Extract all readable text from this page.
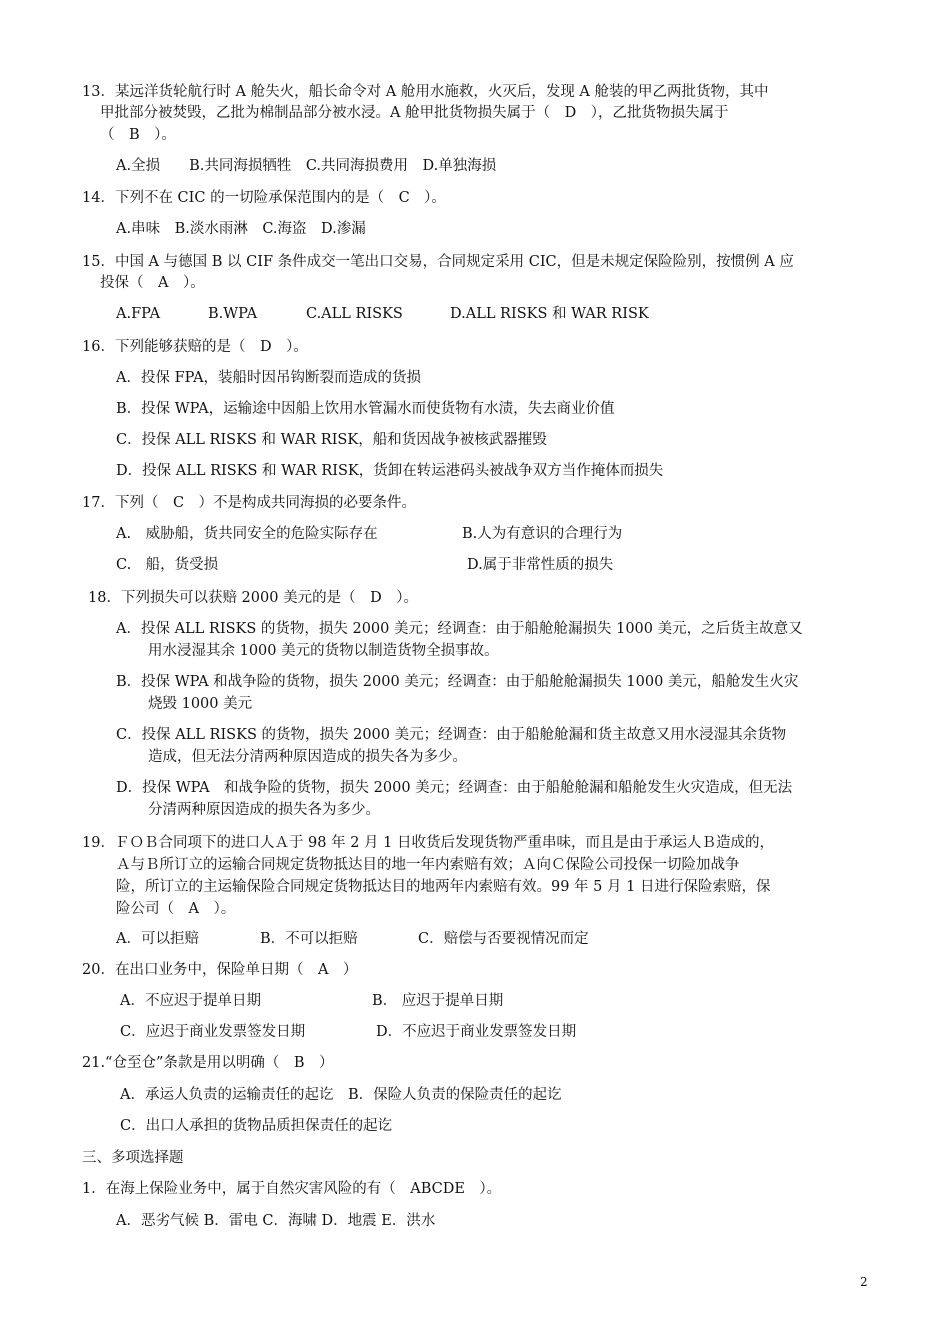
13．某远洋货轮航行时 A 舱失火，船长命令对 A 舱用水施救，火灭后，发现 A 舱装的甲乙两批货物，其中
甲批部分被焚毁，乙批为棉制品部分被水浸。A 舱甲批货物损失属于（　D　），乙批货物损失属于
（　B　）。
A.全损　　B.共同海损牺牲　C.共同海损费用　D.单独海损
14．下列不在 CIC 的一切险承保范围内的是（　C　）。
A.串味　B.淡水雨淋　C.海盗　D.渗漏
15．中国 A 与德国 B 以 CIF 条件成交一笔出口交易，合同规定采用 CIC，但是未规定保险险别，按惯例 A 应
投保（　A　）。
A.FPA	B.WPA	C.ALL RISKS	D.ALL RISKS 和 WAR RISK
16．下列能够获赔的是（　D　）。
A．投保 FPA，装船时因吊钩断裂而造成的货损
B．投保 WPA，运输途中因船上饮用水管漏水而使货物有水渍，失去商业价值
C．投保 ALL RISKS 和 WAR RISK，船和货因战争被核武器摧毁
D．投保 ALL RISKS 和 WAR RISK，货卸在转运港码头被战争双方当作掩体而损失
17．下列（　C　）不是构成共同海损的必要条件。
A.　威胁船，货共同安全的危险实际存在	B.人为有意识的合理行为
C.　船，货受损	D.属于非常性质的损失
18．下列损失可以获赔 2000 美元的是（　D　）。
A．投保 ALL RISKS 的货物，损失 2000 美元；经调查：由于船舱舱漏损失 1000 美元，之后货主故意又
用水浸湿其余 1000 美元的货物以制造货物全损事故。
B．投保 WPA 和战争险的货物，损失 2000 美元；经调查：由于船舱舱漏损失 1000 美元，船舱发生火灾
烧毁 1000 美元
C．投保 ALL RISKS 的货物，损失 2000 美元；经调查：由于船舱舱漏和货主故意又用水浸湿其余货物
造成，但无法分清两种原因造成的损失各为多少。
D．投保 WPA　和战争险的货物，损失 2000 美元；经调查：由于船舱舱漏和船舱发生火灾造成，但无法
分清两种原因造成的损失各为多少。
19．ＦＯＢ合同项下的进口人Ａ于 98 年 2 月 1 日收货后发现货物严重串味，而且是由于承运人Ｂ造成的，
Ａ与Ｂ所订立的运输合同规定货物抵达目的地一年内索赔有效；Ａ向Ｃ保险公司投保一切险加战争
险，所订立的主运输保险合同规定货物抵达目的地两年内索赔有效。99 年 5 月 1 日进行保险索赔，保
险公司（　A　）。
A．可以拒赔	B．不可以拒赔	C．赔偿与否要视情况而定
20．在出口业务中，保险单日期（　A　）
A．不应迟于提单日期	B． 应迟于提单日期
C．应迟于商业发票签发日期	D．不应迟于商业发票签发日期
21.“仓至仓”条款是用以明确（　B　）
A．承运人负责的运输责任的起讫　B．保险人负责的保险责任的起讫
C．出口人承担的货物品质担保责任的起讫
三、多项选择题
1．在海上保险业务中，属于自然灾害风险的有（　ABCDE　）。
A．恶劣气候 B．雷电 C．海啸 D．地震 E．洪水
2
